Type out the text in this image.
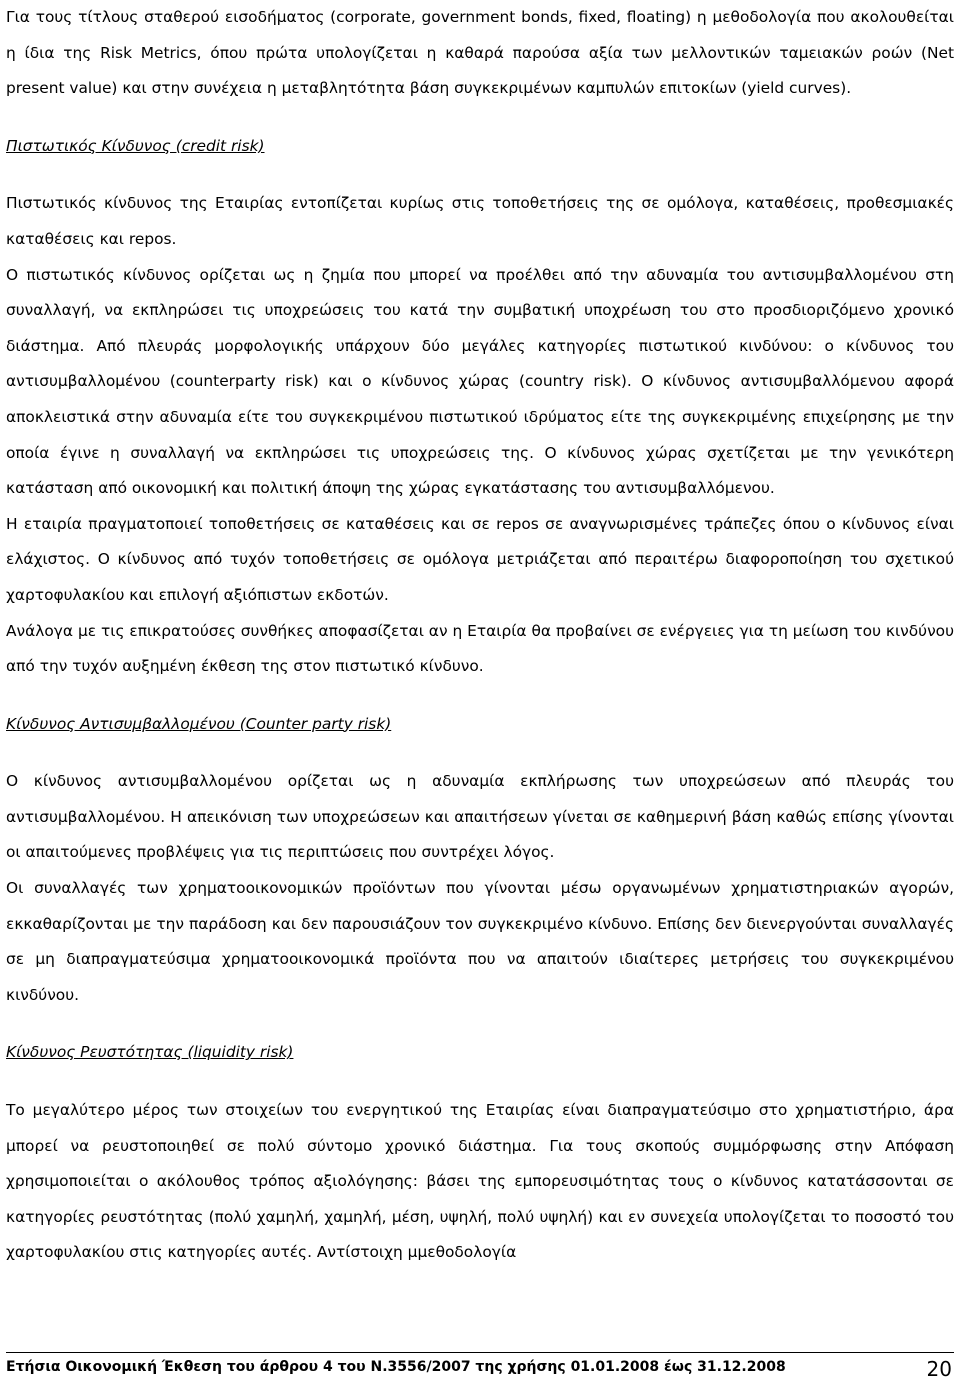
Για τους τίτλους σταθερού εισοδήματος (corporate, government bonds, fixed, floating) η μεθοδολογία που ακολουθείται η ίδια της Risk Metrics, όπου πρώτα υπολογίζεται η καθαρά παρούσα αξία των μελλοντικών ταμειακών ροών (Net present value) και στην συνέχεια η μεταβλητότητα βάση συγκεκριμένων καμπυλών επιτοκίων (yield curves).

Πιστωτικός Κίνδυνος (credit risk)

Πιστωτικός κίνδυνος της Εταιρίας εντοπίζεται κυρίως στις τοποθετήσεις της σε ομόλογα, καταθέσεις, προθεσμιακές καταθέσεις και repos.

Ο πιστωτικός κίνδυνος ορίζεται ως η ζημία που μπορεί να προέλθει από την αδυναμία του αντισυμβαλλομένου στη συναλλαγή, να εκπληρώσει τις υποχρεώσεις του κατά την συμβατική υποχρέωση του στο προσδιοριζόμενο χρονικό διάστημα. Από πλευράς μορφολογικής υπάρχουν δύο μεγάλες κατηγορίες πιστωτικού κινδύνου: ο κίνδυνος του αντισυμβαλλομένου (counterparty risk) και ο κίνδυνος χώρας (country risk). Ο κίνδυνος αντισυμβαλλόμενου αφορά αποκλειστικά στην αδυναμία είτε του συγκεκριμένου πιστωτικού ιδρύματος είτε της συγκεκριμένης επιχείρησης με την οποία έγινε η συναλλαγή να εκπληρώσει τις υποχρεώσεις της. Ο κίνδυνος χώρας σχετίζεται με την γενικότερη κατάσταση από οικονομική και πολιτική άποψη της χώρας εγκατάστασης του αντισυμβαλλόμενου.

Η εταιρία πραγματοποιεί τοποθετήσεις σε καταθέσεις και σε repos σε αναγνωρισμένες τράπεζες όπου ο κίνδυνος είναι ελάχιστος. Ο κίνδυνος από τυχόν τοποθετήσεις σε ομόλογα μετριάζεται από περαιτέρω διαφοροποίηση του σχετικού χαρτοφυλακίου και επιλογή αξιόπιστων εκδοτών.

Ανάλογα με τις επικρατούσες συνθήκες αποφασίζεται αν η Εταιρία θα προβαίνει σε ενέργειες για τη μείωση του κινδύνου από την τυχόν αυξημένη έκθεση της στον πιστωτικό κίνδυνο.

Κίνδυνος Αντισυμβαλλομένου (Counter party risk)

Ο κίνδυνος αντισυμβαλλομένου ορίζεται ως η αδυναμία εκπλήρωσης των υποχρεώσεων από πλευράς του αντισυμβαλλομένου. Η απεικόνιση των υποχρεώσεων και απαιτήσεων γίνεται σε καθημερινή βάση καθώς επίσης γίνονται οι απαιτούμενες προβλέψεις για τις περιπτώσεις που συντρέχει λόγος.

Οι συναλλαγές των χρηματοοικονομικών προϊόντων που γίνονται μέσω οργανωμένων χρηματιστηριακών αγορών, εκκαθαρίζονται με την παράδοση και δεν παρουσιάζουν τον συγκεκριμένο κίνδυνο. Επίσης δεν διενεργούνται συναλλαγές σε μη διαπραγματεύσιμα χρηματοοικονομικά προϊόντα που να απαιτούν ιδιαίτερες μετρήσεις του συγκεκριμένου κινδύνου.

Κίνδυνος Ρευστότητας (liquidity risk)

Το μεγαλύτερο μέρος των στοιχείων του ενεργητικού της Εταιρίας είναι διαπραγματεύσιμο στο χρηματιστήριο, άρα μπορεί να ρευστοποιηθεί σε πολύ σύντομο χρονικό διάστημα. Για τους σκοπούς συμμόρφωσης στην Απόφαση χρησιμοποιείται ο ακόλουθος τρόπος αξιολόγησης: βάσει της εμπορευσιμότητας τους ο κίνδυνος κατατάσσονται σε κατηγορίες ρευστότητας (πολύ χαμηλή, χαμηλή, μέση, υψηλή, πολύ υψηλή) και εν συνεχεία υπολογίζεται το ποσοστό του χαρτοφυλακίου στις κατηγορίες αυτές. Αντίστοιχη μμεθοδολογία

Ετήσια Οικονομική Έκθεση του άρθρου 4 του Ν.3556/2007 της χρήσης 01.01.2008 έως 31.12.2008	20
